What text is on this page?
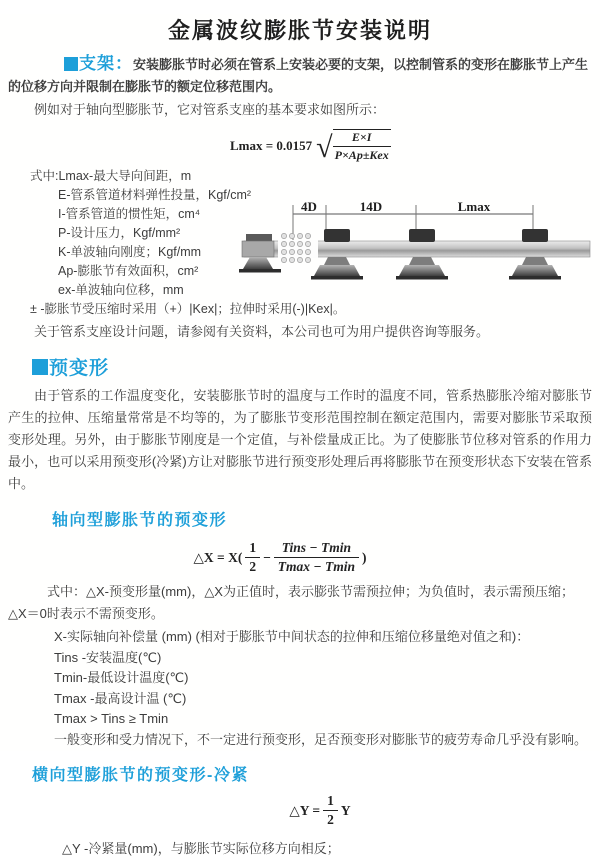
金属波纹膨胀节安装说明

支架：安装膨胀节时必须在管系上安装必要的支架，以控制管系的变形在膨胀节上产生的位移方向并限制在膨胀节的额定位移范围内。

例如对于轴向型膨胀节，它对管系支座的基本要求如图所示：

Lmax = 0.0157 √ $\frac{E\times I}{\text{P×Ap±Kex}}$
式中:Lmax-最大导向间距，m
E-管系管道材料弹性投量，Kgf/cm²
I-管系管道的惯性矩，cm⁴
P-设计压力，Kgf/mm²
K-单波轴向刚度；Kgf/mm
Ap-膨胀节有效面积，cm²
ex-单波轴向位移，mm
± -膨胀节受压缩时采用（+）|Kex|；拉伸时采用(-)|Kex|。
4D	14D	Lmax

关于管系支座设计问题，请参阅有关资料，本公司也可为用户提供咨询等服务。

预变形

由于管系的工作温度变化，安装膨胀节时的温度与工作时的温度不同，管系热膨胀冷缩对膨胀节产生的拉伸、压缩量常常是不均等的，为了膨胀节变形范围控制在额定范围内，需要对膨胀节采取预变形处理。另外，由于膨胀节刚度是一个定值，与补偿量成正比。为了使膨胀节位移对管系的作用力最小，也可以采用预变形(冷紧)方让对膨胀节进行预变形处理后再将膨胀节在预变形状态下安装在管系中。

轴向型膨胀节的预变形
△X = $X( \frac{1}{2} - \frac{\text{Tins − Tmin}}{Tmax - Tmin}$ )

式中：△X-预变形量(mm)，△X为正值时，表示膨张节需预拉伸；为负值时，表示需预压缩；△X＝0时表示不需预变形。

X-实际轴向补偿量 (mm) (相对于膨胀节中间状态的拉伸和压缩位移量绝对值之和)：
Tins -安装温度(℃)
Tmin-最低设计温度(℃)
Tmax -最高设计温 (℃)
Tmax > Tins ≥ Tmin
一般变形和受力情况下，不一定进行预变形，足否预变形对膨胀节的疲劳寿命几乎没有影响。
横向型膨胀节的预变形-冷紧
△Y = $\frac{1}{2}$ Y

△Y -冷紧量(mm)，与膨胀节实际位移方向相反；
